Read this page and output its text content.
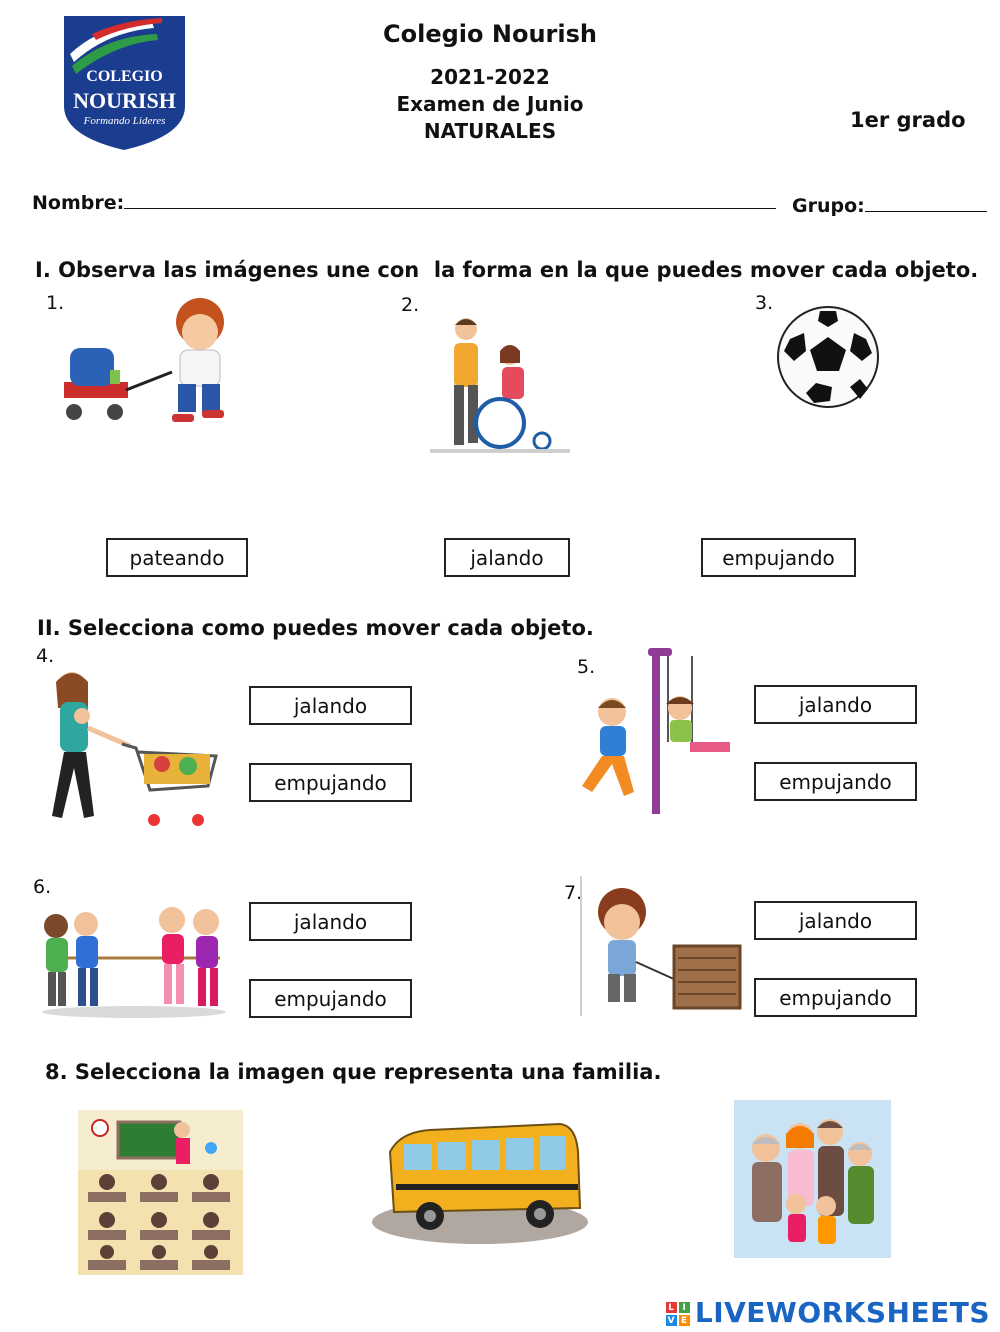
COLEGIO
NOURISH
Formando Lideres
Colegio Nourish
2021-2022
Examen de Junio
NATURALES	1er grado
Nombre:	Grupo:
I. Observa las imágenes une con  la forma en la que puedes mover cada objeto.
1.	2.	3.
pateando	jalando	empujando
II. Selecciona como puedes mover cada objeto.
4.	5.
6.	7.
jalando
empujando
jalando
empujando
jalando
empujando
jalando
empujando
8. Selecciona la imagen que representa una familia.
L I
V E LIVEWORKSHEETS
